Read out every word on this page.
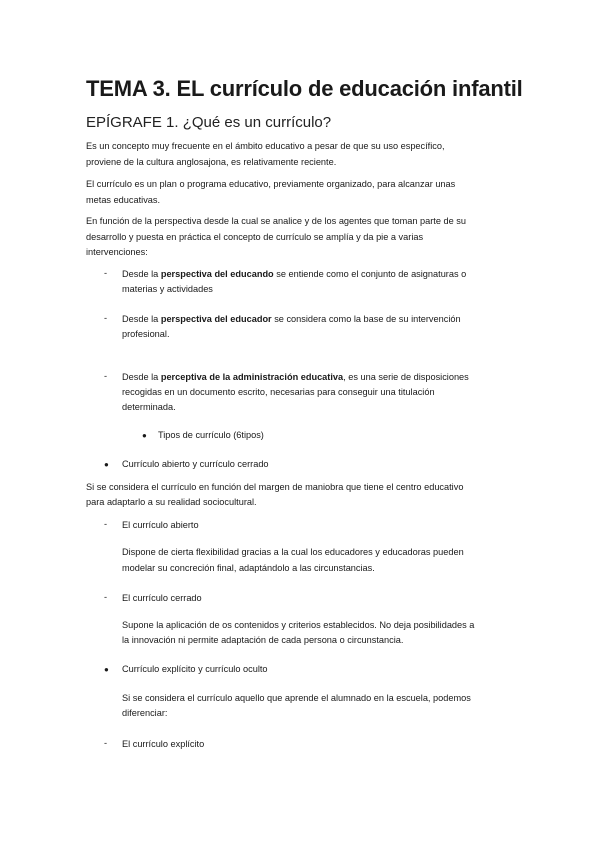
TEMA 3. EL currículo de educación infantil
EPÍGRAFE 1. ¿Qué es un currículo?
Es un concepto muy frecuente en el ámbito educativo a pesar de que su uso específico,
proviene de la cultura anglosajona, es relativamente reciente.
El currículo es un plan o programa educativo, previamente organizado, para alcanzar unas
metas educativas.
En función de la perspectiva desde la cual se analice y de los agentes que toman parte de su
desarrollo y puesta en práctica el concepto de currículo se amplía y da pie a varias
intervenciones:
- Desde la perspectiva del educando se entiende como el conjunto de asignaturas o
materias y actividades
- Desde la perspectiva del educador se considera como la base de su intervención
profesional.
- Desde la perceptiva de la administración educativa, es una serie de disposiciones
recogidas en un documento escrito, necesarias para conseguir una titulación
determinada.
● Tipos de currículo (6tipos)
● Currículo abierto y currículo cerrado
Si se considera el currículo en función del margen de maniobra que tiene el centro educativo
para adaptarlo a su realidad sociocultural.
- El currículo abierto
Dispone de cierta flexibilidad gracias a la cual los educadores y educadoras pueden
modelar su concreción final, adaptándolo a las circunstancias.
- El currículo cerrado
Supone la aplicación de os contenidos y criterios establecidos. No deja posibilidades a
la innovación ni permite adaptación de cada persona o circunstancia.
● Currículo explícito y currículo oculto
Si se considera el currículo aquello que aprende el alumnado en la escuela, podemos
diferenciar:
- El currículo explícito
